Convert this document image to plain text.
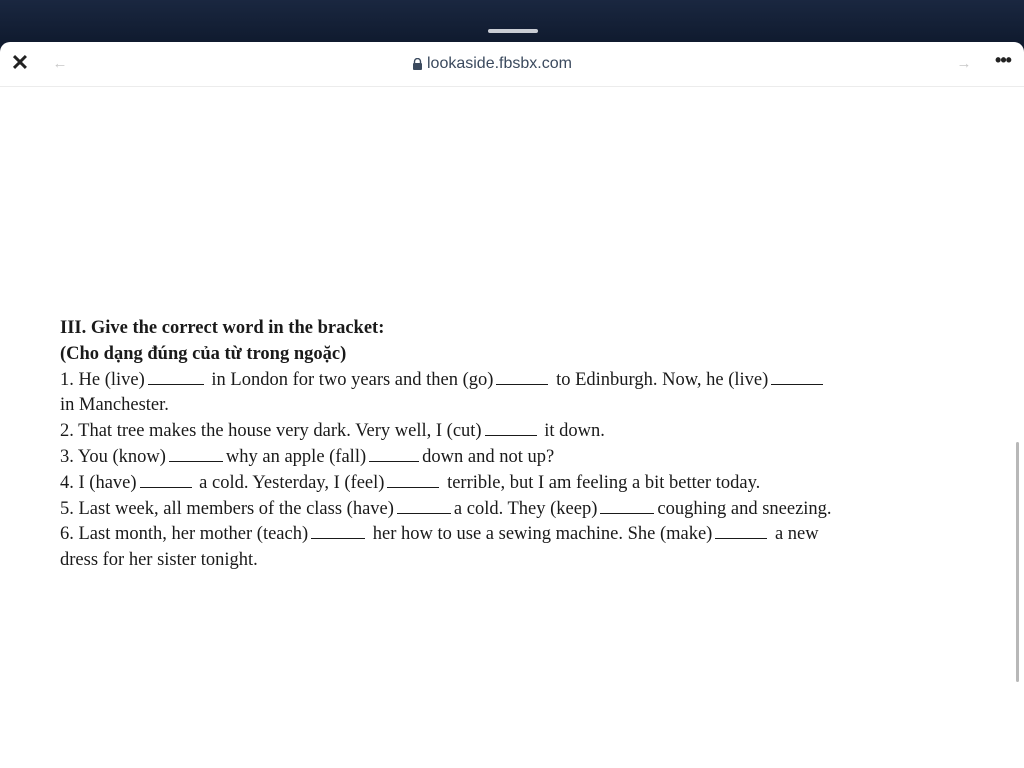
✕ ←	lookaside.fbsbx.com	→ •••
III. Give the correct word in the bracket:
(Cho dạng đúng của từ trong ngoặc)
1. He (live)	in London for two years and then (go)	to Edinburgh. Now, he (live)
in Manchester.
2. That tree makes the house very dark. Very well, I (cut)	it down.
3. You (know)	why an apple (fall)	down and not up?
4. I (have)	a cold. Yesterday, I (feel)	terrible, but I am feeling a bit better today.
5. Last week, all members of the class (have)	a cold. They (keep)	coughing and sneezing.
6. Last month, her mother (teach)	her how to use a sewing machine. She (make)	a new
dress for her sister tonight.
